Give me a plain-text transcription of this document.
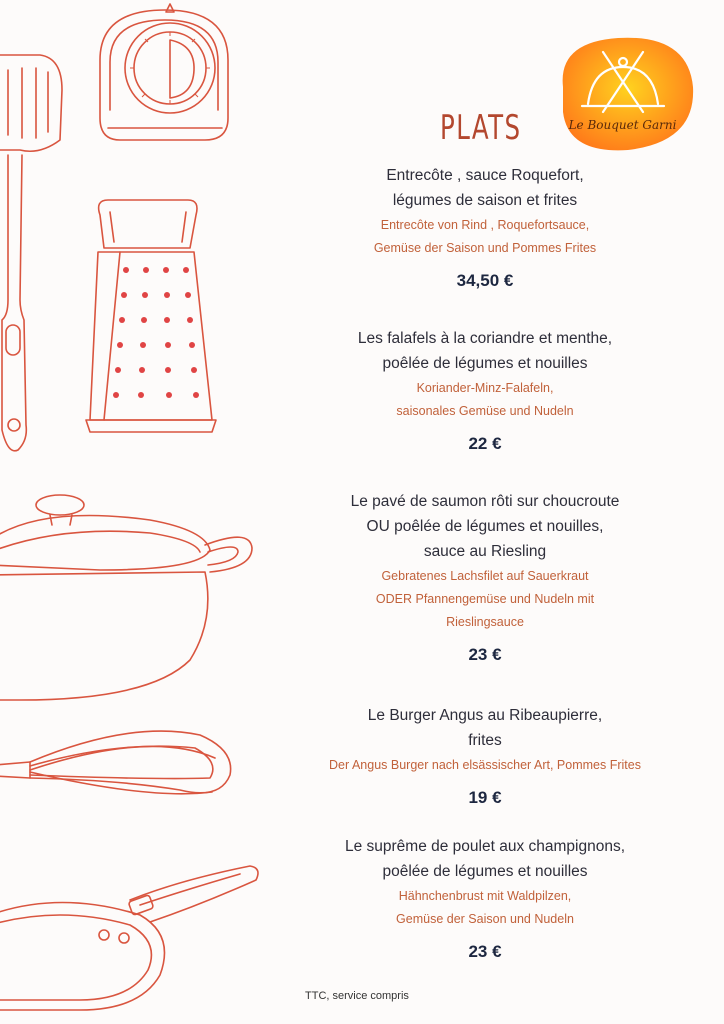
Le Bouquet Garni
PLATS
Entrecôte , sauce Roquefort,
légumes de saison et frites
Entrecôte von Rind , Roquefortsauce,
Gemüse der Saison und Pommes Frites
34,50 €
Les falafels à la coriandre et menthe,
poêlée de légumes et nouilles
Koriander-Minz-Falafeln,
saisonales Gemüse und Nudeln
22 €
Le pavé de saumon rôti sur choucroute
OU poêlée de légumes et nouilles,
sauce au Riesling
Gebratenes Lachsfilet auf Sauerkraut
ODER Pfannengemüse und Nudeln mit
Rieslingsauce
23 €
Le Burger Angus au Ribeaupierre,
frites
Der Angus Burger nach elsässischer Art, Pommes Frites
19 €
Le suprême de poulet aux champignons,
poêlée de légumes et nouilles
Hähnchenbrust mit Waldpilzen,
Gemüse der Saison und Nudeln
23 €
TTC, service compris
